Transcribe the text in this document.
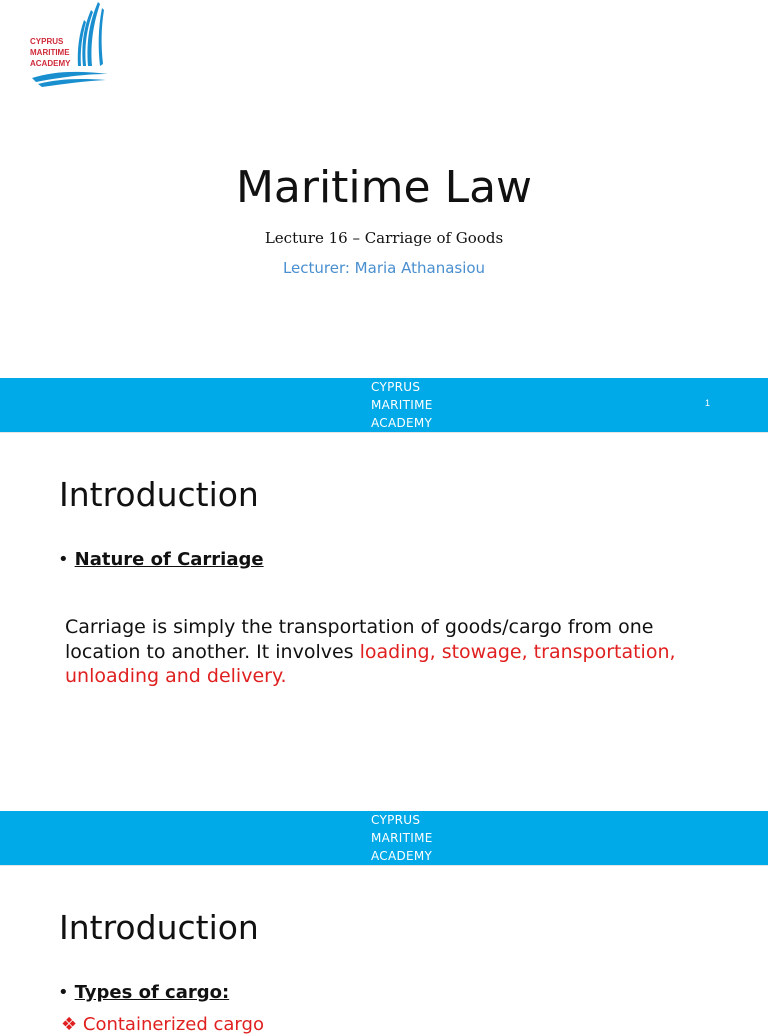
CYPRUS
MARITIME
ACADEMY
Maritime Law
Lecture 16 – Carriage of Goods
Lecturer: Maria Athanasiou
CYPRUS
MARITIME
ACADEMY
1
Introduction
• Nature of Carriage
Carriage is simply the transportation of goods/cargo from one location to another. It involves loading, stowage, transportation, unloading and delivery.
CYPRUS
MARITIME
ACADEMY
Introduction
• Types of cargo:
❖ Containerized cargo
